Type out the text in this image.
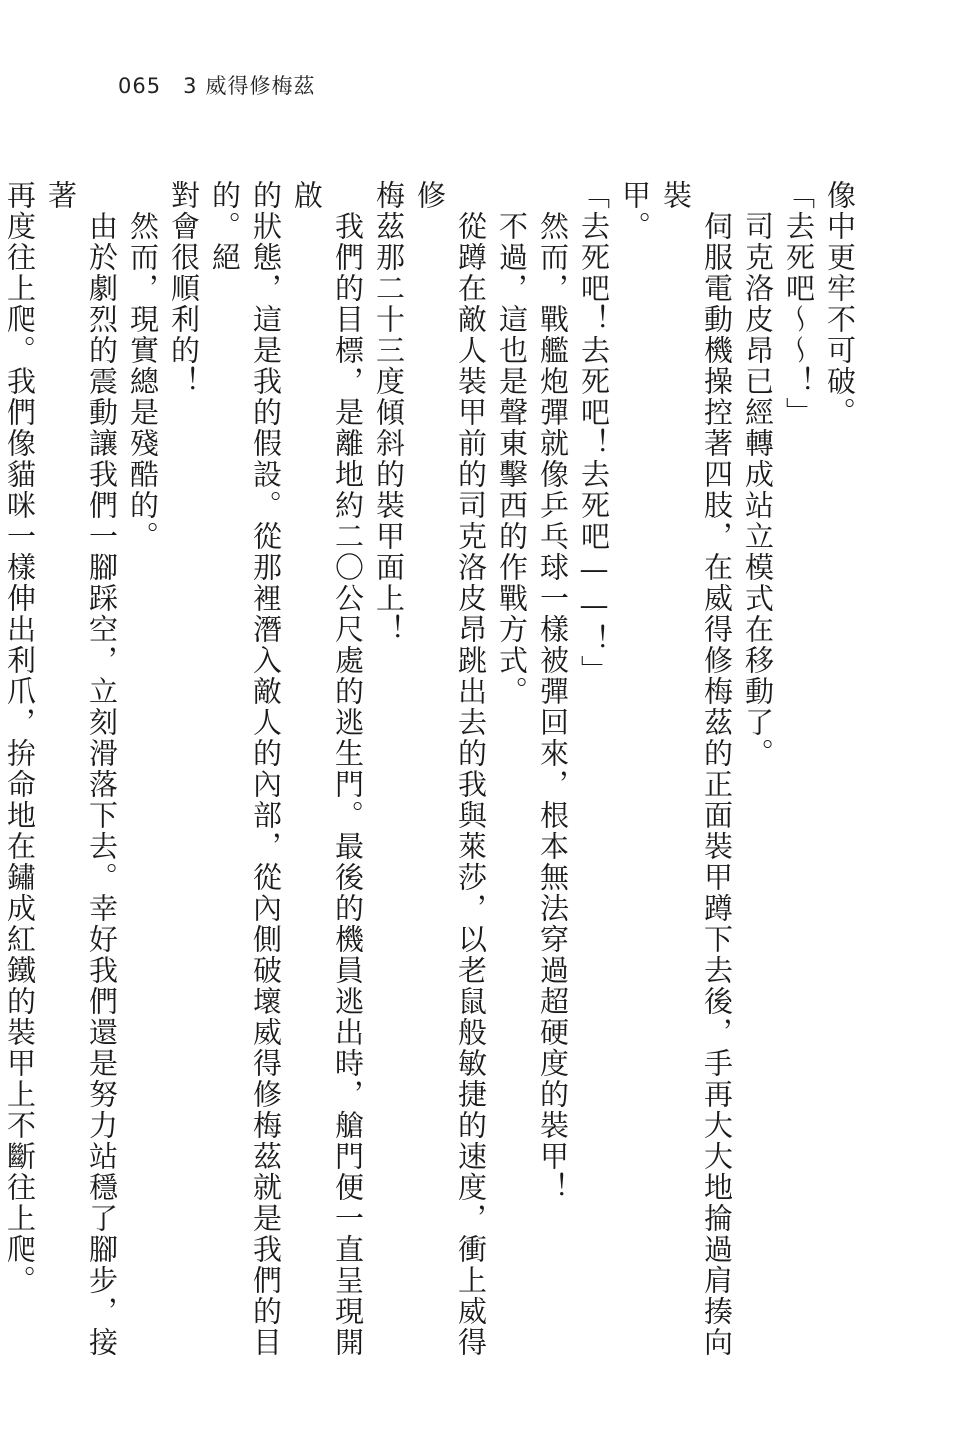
065 3 威得修梅茲

像中更牢不可破。

「去死吧～～！」

　司克洛皮昂已經轉成站立模式在移動了。

　伺服電動機操控著四肢，在威得修梅茲的正面裝甲蹲下去後，手再大大地掄過肩揍向裝

甲。

「去死吧！去死吧！去死吧——！」

　然而，戰艦炮彈就像乒乓球一樣被彈回來，根本無法穿過超硬度的裝甲！

　不過，這也是聲東擊西的作戰方式。

　從蹲在敵人裝甲前的司克洛皮昂跳出去的我與萊莎，以老鼠般敏捷的速度，衝上威得修

梅茲那二十三度傾斜的裝甲面上！

　我們的目標，是離地約二〇公尺處的逃生門。最後的機員逃出時，艙門便一直呈現開啟

的狀態，這是我的假設。從那裡潛入敵人的內部，從內側破壞威得修梅茲就是我們的目的。絕

對會很順利的！

　然而，現實總是殘酷的。

　由於劇烈的震動讓我們一腳踩空，立刻滑落下去。幸好我們還是努力站穩了腳步，接著

再度往上爬。我們像貓咪一樣伸出利爪，拚命地在鏽成紅鐵的裝甲上不斷往上爬。
